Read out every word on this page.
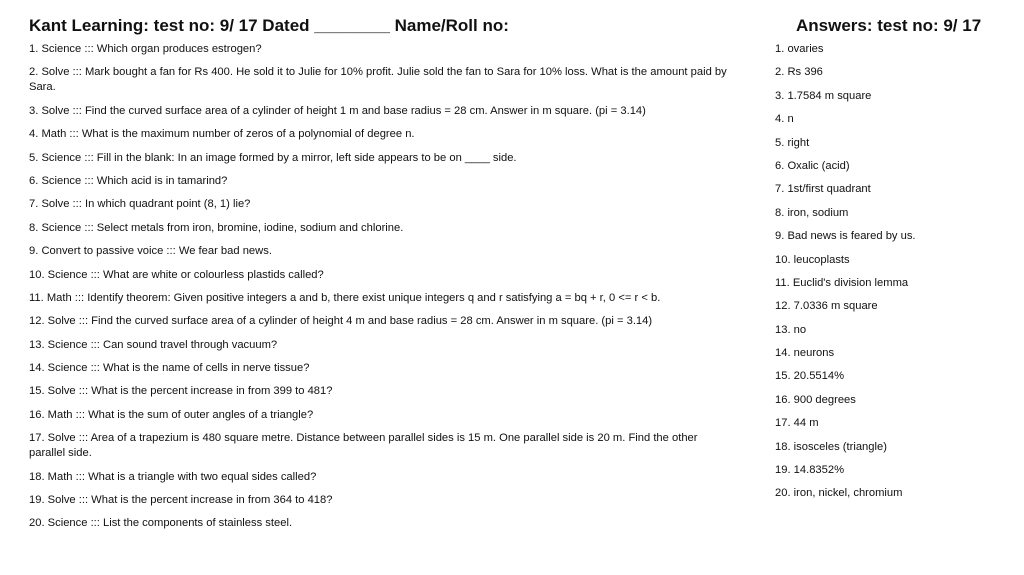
Kant Learning: test no: 9/ 17 Dated ________ Name/Roll no:
1. Science ::: Which organ produces estrogen?
2. Solve ::: Mark bought a fan for Rs 400. He sold it to Julie for 10% profit. Julie sold the fan to Sara for 10% loss. What is the amount paid by Sara.
3. Solve ::: Find the curved surface area of a cylinder of height 1 m and base radius = 28 cm. Answer in m square. (pi = 3.14)
4. Math ::: What is the maximum number of zeros of a polynomial of degree n.
5. Science ::: Fill in the blank: In an image formed by a mirror, left side appears to be on ____ side.
6. Science ::: Which acid is in tamarind?
7. Solve ::: In which quadrant point (8, 1) lie?
8. Science ::: Select metals from iron, bromine, iodine, sodium and chlorine.
9. Convert to passive voice ::: We fear bad news.
10. Science ::: What are white or colourless plastids called?
11. Math ::: Identify theorem: Given positive integers a and b, there exist unique integers q and r satisfying a = bq + r, 0 <= r < b.
12. Solve ::: Find the curved surface area of a cylinder of height 4 m and base radius = 28 cm. Answer in m square. (pi = 3.14)
13. Science ::: Can sound travel through vacuum?
14. Science ::: What is the name of cells in nerve tissue?
15. Solve ::: What is the percent increase in from 399 to 481?
16. Math ::: What is the sum of outer angles of a triangle?
17. Solve ::: Area of a trapezium is 480 square metre. Distance between parallel sides is 15 m. One parallel side is 20 m. Find the other parallel side.
18. Math ::: What is a triangle with two equal sides called?
19. Solve ::: What is the percent increase in from 364 to 418?
20. Science ::: List the components of stainless steel.
Answers: test no: 9/ 17
1. ovaries
2. Rs 396
3. 1.7584 m square
4. n
5. right
6. Oxalic (acid)
7. 1st/first quadrant
8. iron, sodium
9. Bad news is feared by us.
10. leucoplasts
11. Euclid's division lemma
12. 7.0336 m square
13. no
14. neurons
15. 20.5514%
16. 900 degrees
17. 44 m
18. isosceles (triangle)
19. 14.8352%
20. iron, nickel, chromium
